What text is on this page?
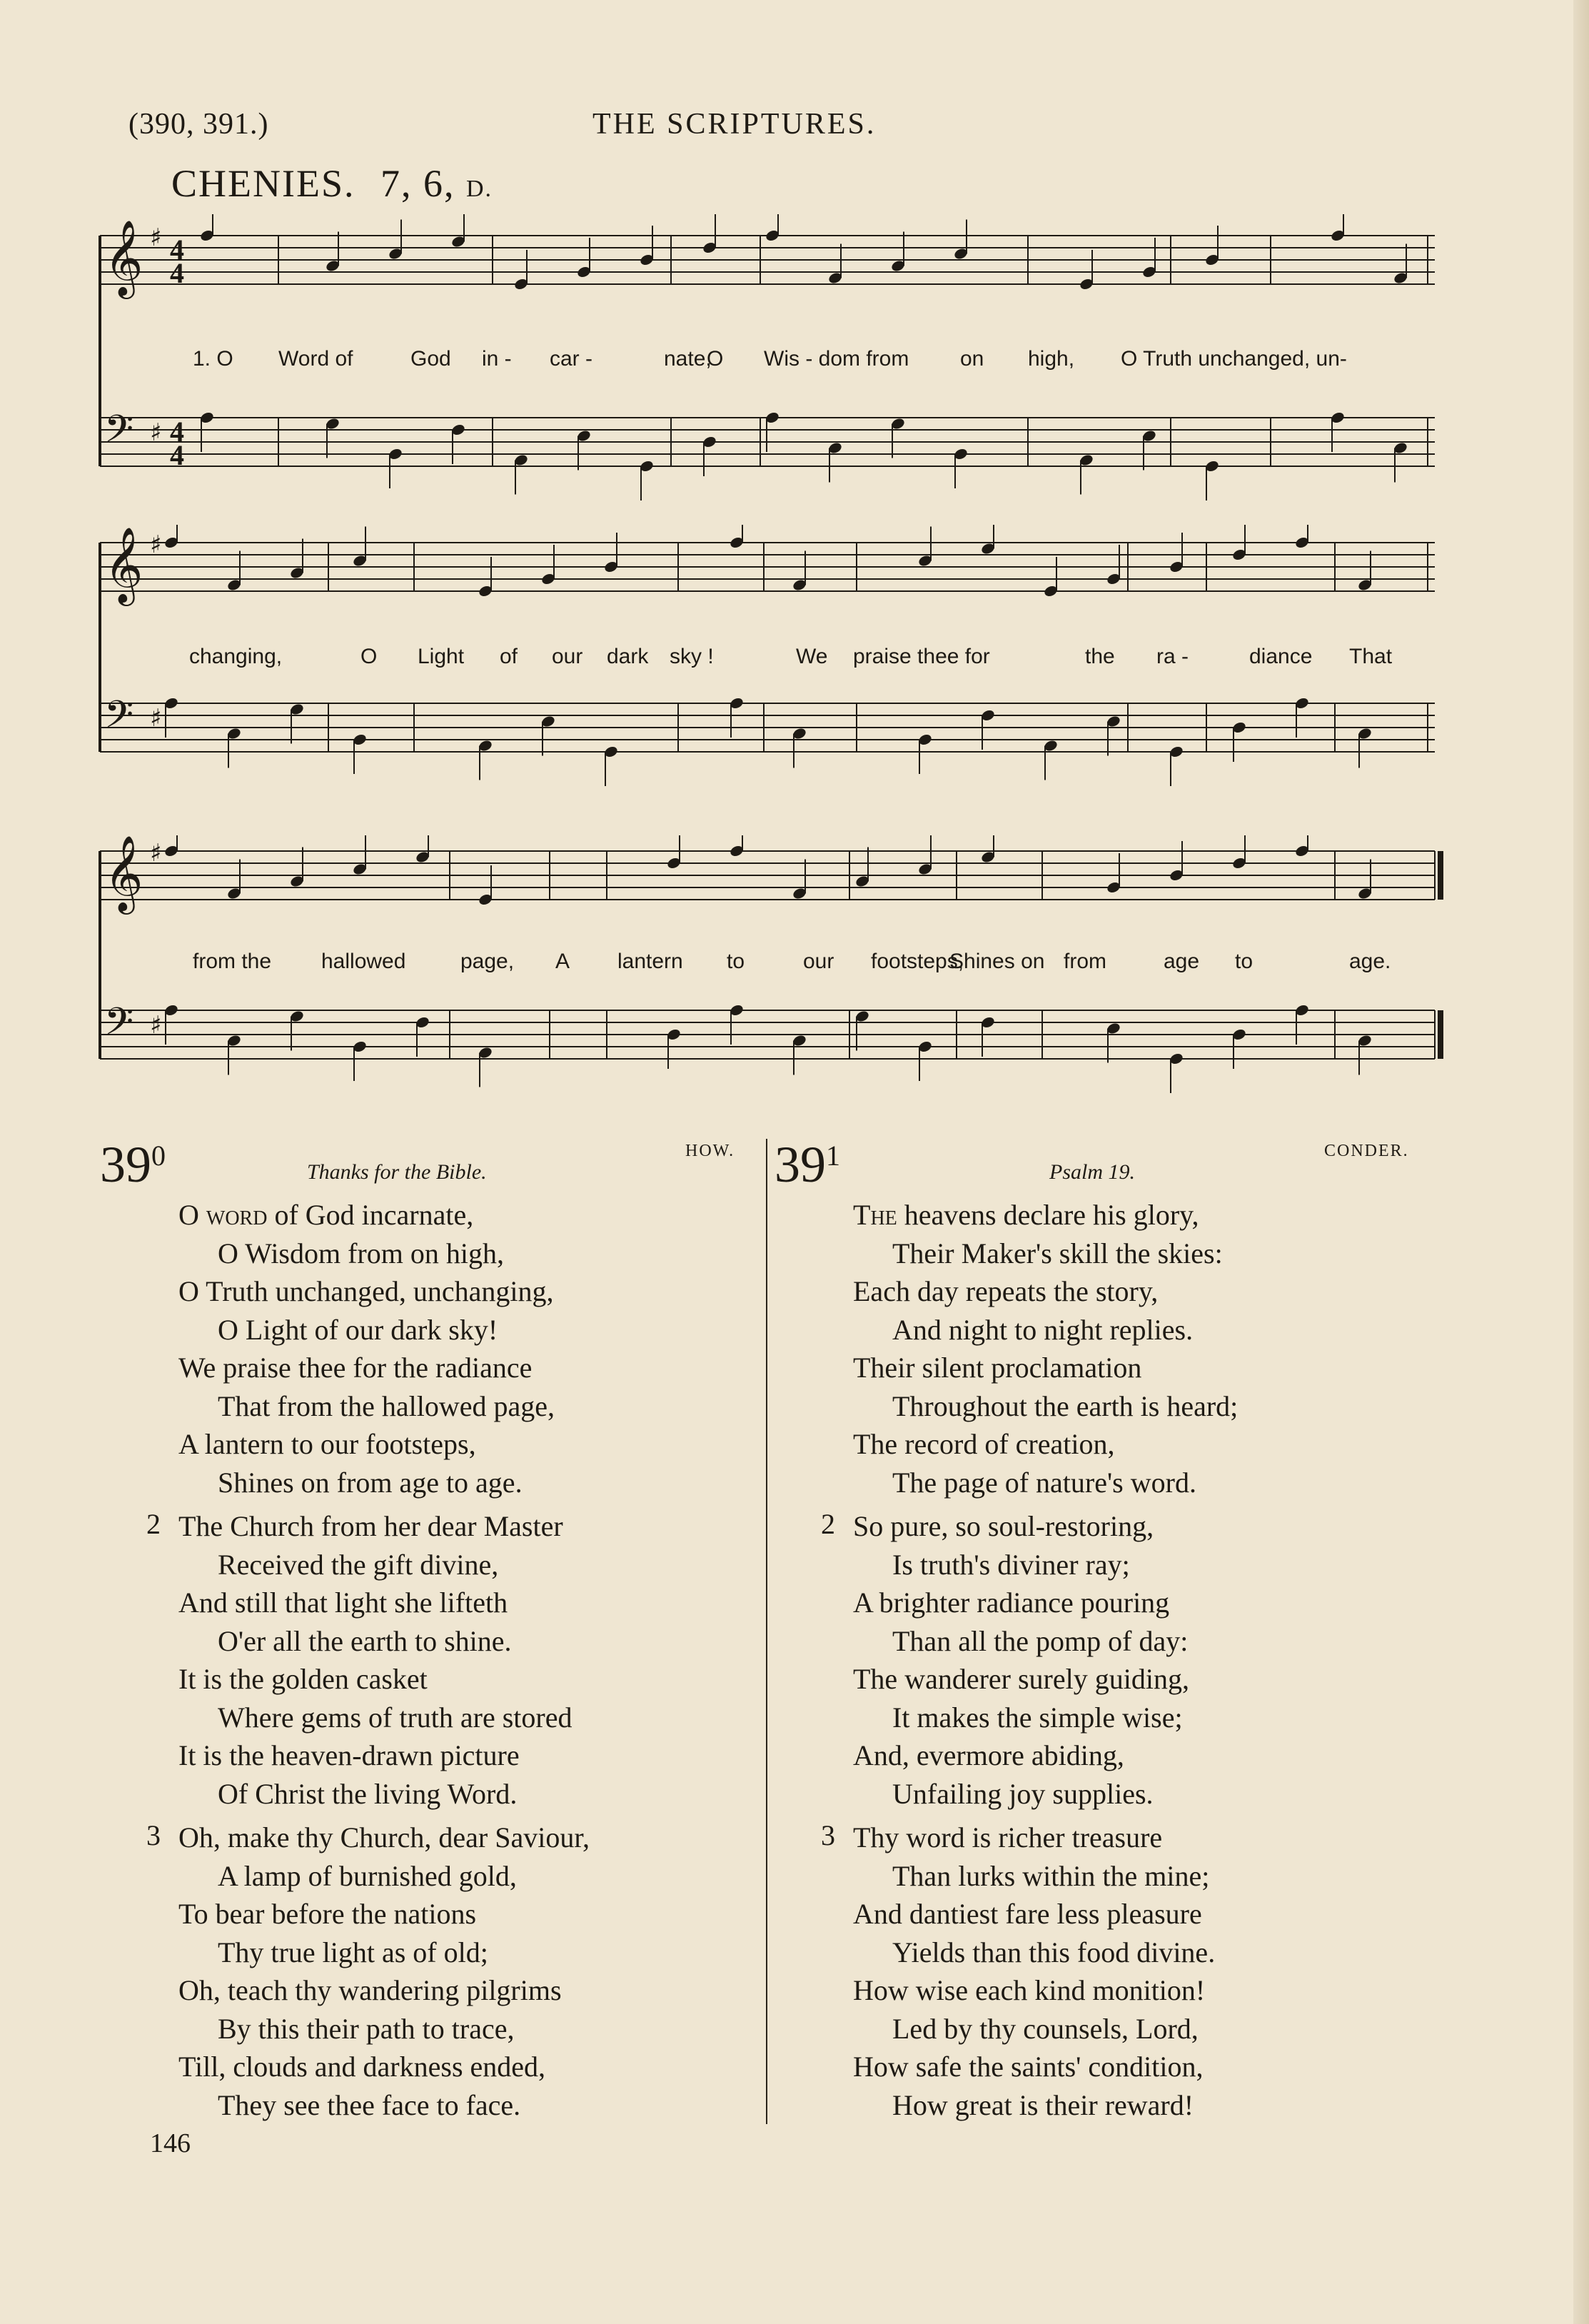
(390, 391.)	THE SCRIPTURES.
CHENIES. 7, 6, D.
𝄞 ♯ 4
4
𝄢 ♯ 4
4
1. O Word of	God in - car -	nate,
O Wis - dom from on high, O Truth unchanged, un-
𝄞 ♯
𝄢 ♯
changing,	O Light of our dark sky !	We praise thee for	the ra -	diance That
𝄞 ♯
𝄢 ♯
from the hallowed	page, A lantern to	our footsteps,
Shines on from	age to	age.
$39^0$
Thanks for the Bible.
HOW.
O word of God incarnate,
O Wisdom from on high,
O Truth unchanged, unchanging,
O Light of our dark sky!
We praise thee for the radiance
That from the hallowed page,
A lantern to our footsteps,
Shines on from age to age.
2 The Church from her dear Master
Received the gift divine,
And still that light she lifteth
O'er all the earth to shine.
It is the golden casket
Where gems of truth are stored
It is the heaven-drawn picture
Of Christ the living Word.
3 Oh, make thy Church, dear Saviour,
A lamp of burnished gold,
To bear before the nations
Thy true light as of old;
Oh, teach thy wandering pilgrims
By this their path to trace,
Till, clouds and darkness ended,
They see thee face to face.
$39^1$
Psalm 19.
CONDER.
The heavens declare his glory,
Their Maker's skill the skies:
Each day repeats the story,
And night to night replies.
Their silent proclamation
Throughout the earth is heard;
The record of creation,
The page of nature's word.
2 So pure, so soul-restoring,
Is truth's diviner ray;
A brighter radiance pouring
Than all the pomp of day:
The wanderer surely guiding,
It makes the simple wise;
And, evermore abiding,
Unfailing joy supplies.
3 Thy word is richer treasure
Than lurks within the mine;
And dantiest fare less pleasure
Yields than this food divine.
How wise each kind monition!
Led by thy counsels, Lord,
How safe the saints' condition,
How great is their reward!
146
